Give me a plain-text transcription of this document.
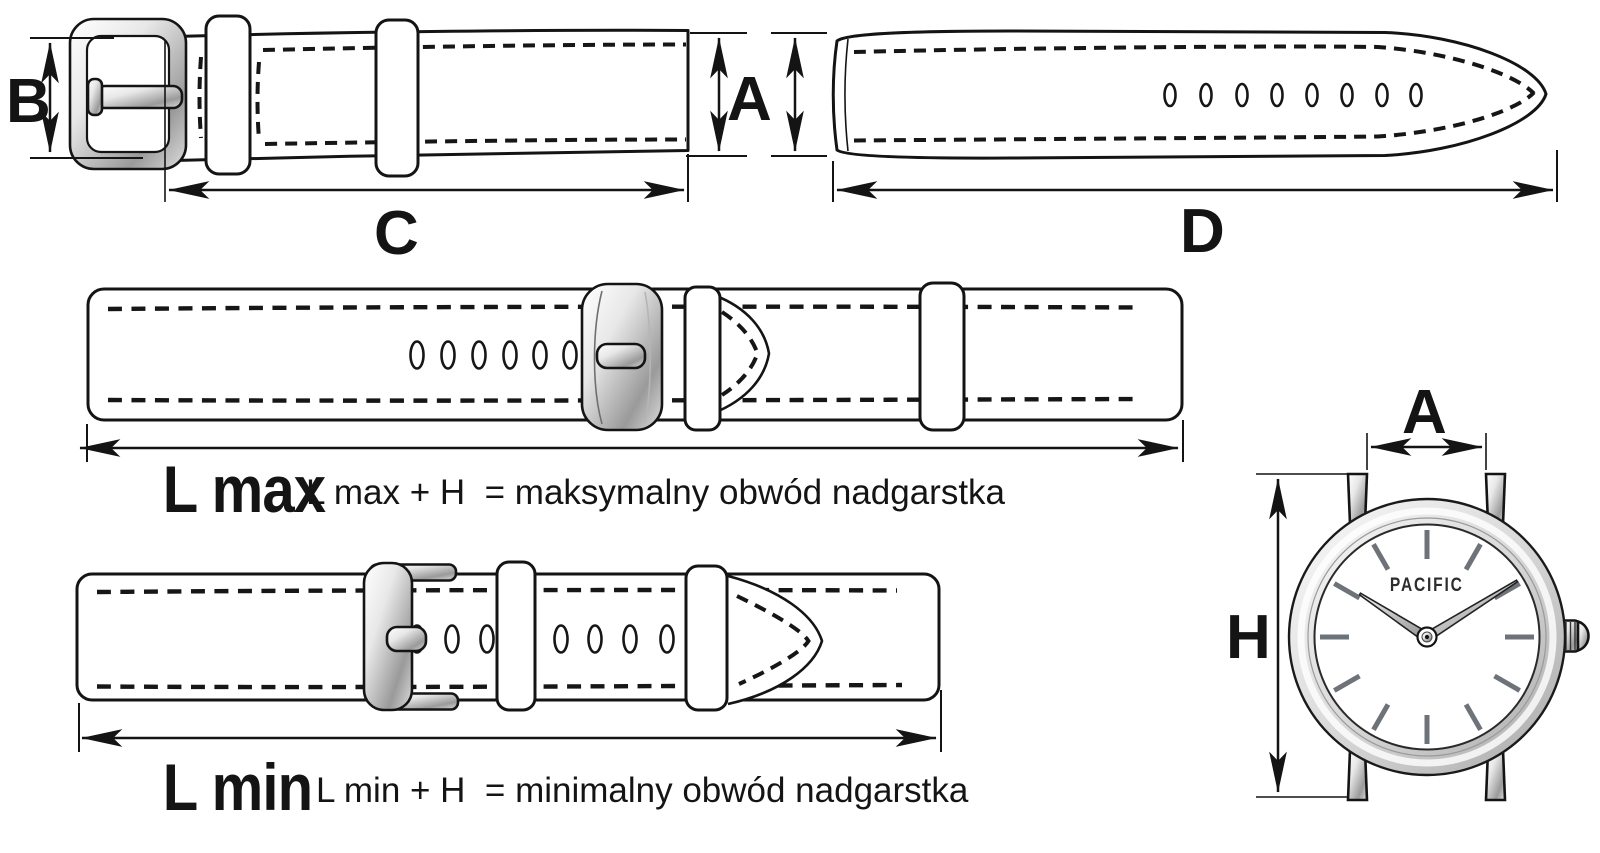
B
C
A
D
L max
L max + H  = maksymalny obwód nadgarstka
L min L min + H  = minimalny obwód nadgarstka
A
H
PACIFIC
